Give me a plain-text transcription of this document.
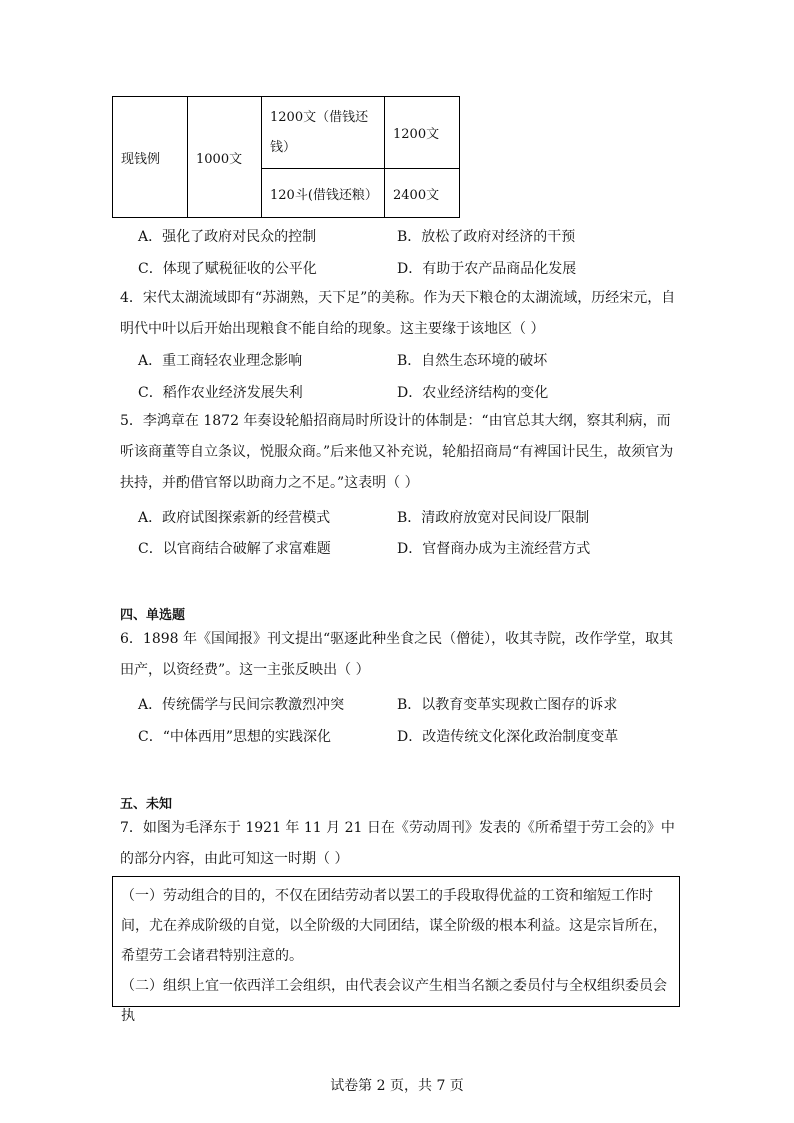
现钱例	1000文	1200文（借钱还钱）	1200文
		120斗(借钱还粮）	2400文
A．强化了政府对民众的控制	B．放松了政府对经济的干预
C．体现了赋税征收的公平化	D．有助于农产品商品化发展
4．宋代太湖流域即有“苏湖熟，天下足”的美称。作为天下粮仓的太湖流域，历经宋元，自明代中叶以后开始出现粮食不能自给的现象。这主要缘于该地区（ ）
A．重工商轻农业理念影响	B．自然生态环境的破坏
C．稻作农业经济发展失利	D．农业经济结构的变化
5．李鸿章在 1872 年奏设轮船招商局时所设计的体制是：“由官总其大纲，察其利病，而听该商董等自立条议，悦服众商。”后来他又补充说，轮船招商局“有裨国计民生，故须官为扶持，并酌借官帑以助商力之不足。”这表明（ ）
A．政府试图探索新的经营模式	B．清政府放宽对民间设厂限制
C．以官商结合破解了求富难题	D．官督商办成为主流经营方式
四、单选题
6．1898 年《国闻报》刊文提出“驱逐此种坐食之民（僧徒），收其寺院，改作学堂，取其田产，以资经费”。这一主张反映出（ ）
A．传统儒学与民间宗教激烈冲突	B．以教育变革实现救亡图存的诉求
C．“中体西用”思想的实践深化	D．改造传统文化深化政治制度变革
五、未知
7．如图为毛泽东于 1921 年 11 月 21 日在《劳动周刊》发表的《所希望于劳工会的》中的部分内容，由此可知这一时期（ ）
（一）劳动组合的目的，不仅在团结劳动者以罢工的手段取得优益的工资和缩短工作时间，尤在养成阶级的自觉，以全阶级的大同团结，谋全阶级的根本利益。这是宗旨所在，希望劳工会诸君特别注意的。
（二）组织上宜一依西洋工会组织，由代表会议产生相当名额之委员付与全权组织委员会执
试卷第 2 页，共 7 页
